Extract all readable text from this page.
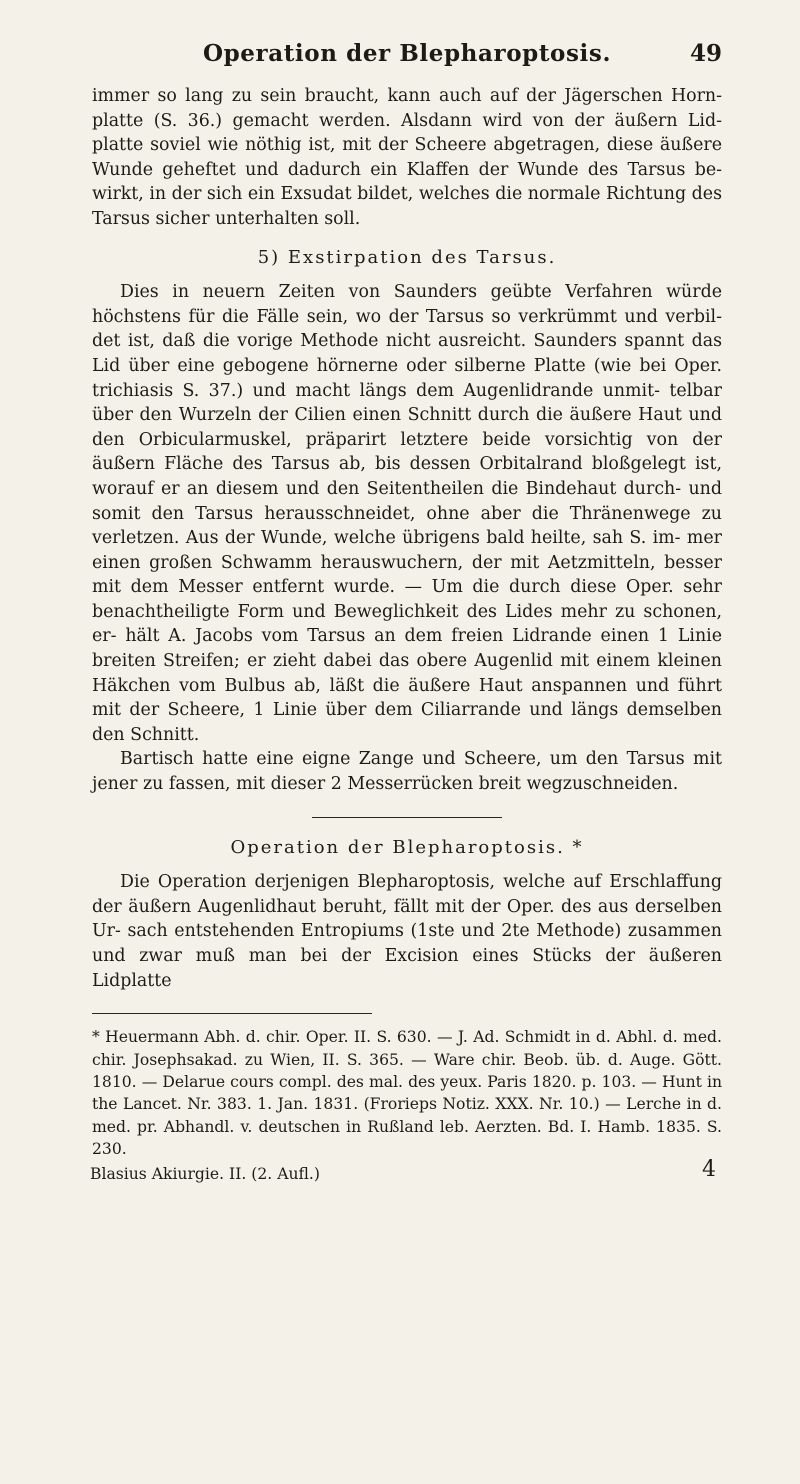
Operation der Blepharoptosis.	49

immer so lang zu sein braucht, kann auch auf der Jägerschen Horn- platte (S. 36.) gemacht werden. Alsdann wird von der äußern Lid- platte soviel wie nöthig ist, mit der Scheere abgetragen, diese äußere Wunde geheftet und dadurch ein Klaffen der Wunde des Tarsus be- wirkt, in der sich ein Exsudat bildet, welches die normale Richtung des Tarsus sicher unterhalten soll.

5) Exstirpation des Tarsus.

Dies in neuern Zeiten von Saunders geübte Verfahren würde höchstens für die Fälle sein, wo der Tarsus so verkrümmt und verbil- det ist, daß die vorige Methode nicht ausreicht. Saunders spannt das Lid über eine gebogene hörnerne oder silberne Platte (wie bei Oper. trichiasis S. 37.) und macht längs dem Augenlidrande unmit- telbar über den Wurzeln der Cilien einen Schnitt durch die äußere Haut und den Orbicularmuskel, präparirt letztere beide vorsichtig von der äußern Fläche des Tarsus ab, bis dessen Orbitalrand bloßgelegt ist, worauf er an diesem und den Seitentheilen die Bindehaut durch- und somit den Tarsus herausschneidet, ohne aber die Thränenwege zu verletzen. Aus der Wunde, welche übrigens bald heilte, sah S. im- mer einen großen Schwamm herauswuchern, der mit Aetzmitteln, besser mit dem Messer entfernt wurde. — Um die durch diese Oper. sehr benachtheiligte Form und Beweglichkeit des Lides mehr zu schonen, er- hält A. Jacobs vom Tarsus an dem freien Lidrande einen 1 Linie breiten Streifen; er zieht dabei das obere Augenlid mit einem kleinen Häkchen vom Bulbus ab, läßt die äußere Haut anspannen und führt mit der Scheere, 1 Linie über dem Ciliarrande und längs demselben den Schnitt.

Bartisch hatte eine eigne Zange und Scheere, um den Tarsus mit jener zu fassen, mit dieser 2 Messerrücken breit wegzuschneiden.

Operation der Blepharoptosis. *

Die Operation derjenigen Blepharoptosis, welche auf Erschlaffung der äußern Augenlidhaut beruht, fällt mit der Oper. des aus derselben Ur- sach entstehenden Entropiums (1ste und 2te Methode) zusammen und zwar muß man bei der Excision eines Stücks der äußeren Lidplatte

* Heuermann Abh. d. chir. Oper. II. S. 630. — J. Ad. Schmidt in d. Abhl. d. med. chir. Josephsakad. zu Wien, II. S. 365. — Ware chir. Beob. üb. d. Auge. Gött. 1810. — Delarue cours compl. des mal. des yeux. Paris 1820. p. 103. — Hunt in the Lancet. Nr. 383. 1. Jan. 1831. (Frorieps Notiz. XXX. Nr. 10.) — Lerche in d. med. pr. Abhandl. v. deutschen in Rußland leb. Aerzten. Bd. I. Hamb. 1835. S. 230.
Blasius Akiurgie. II. (2. Aufl.)	4
